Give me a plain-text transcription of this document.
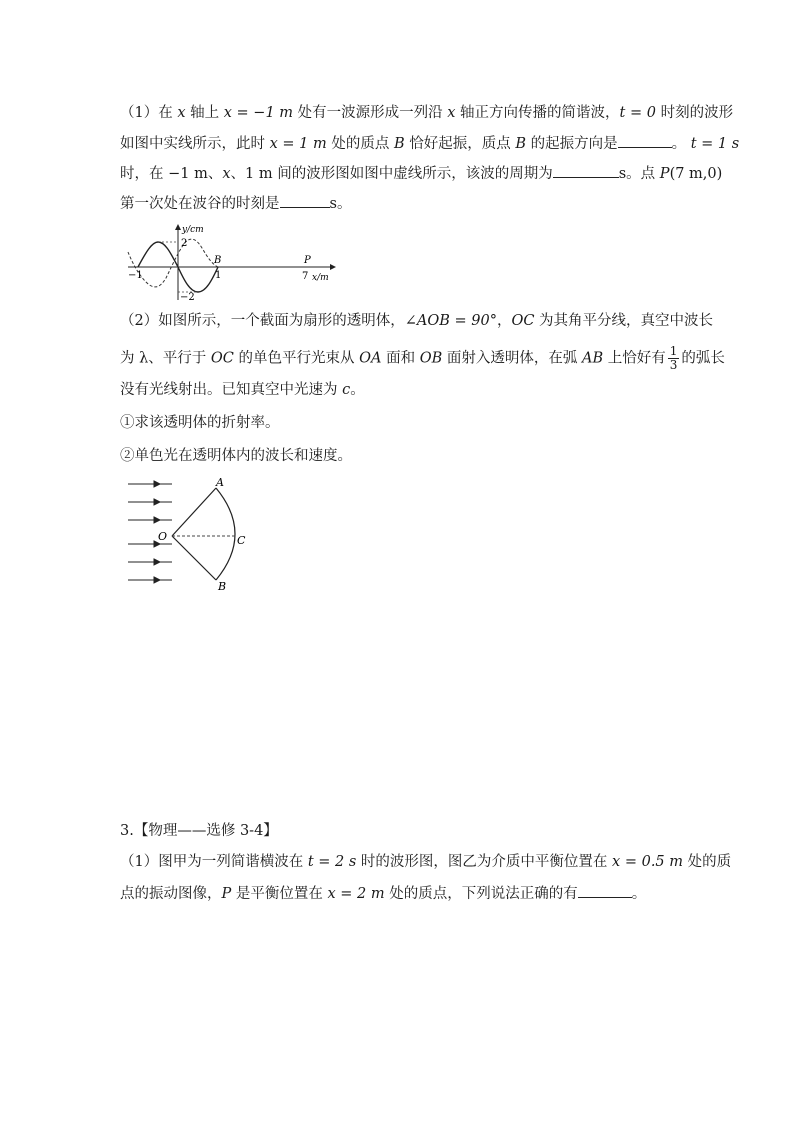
（1）在 x 轴上 x = −1 m 处有一波源形成一列沿 x 轴正方向传播的简谐波，t = 0 时刻的波形
如图中实线所示，此时 x = 1 m 处的质点 B 恰好起振，质点 B 的起振方向是	。 t = 1 s
时，在 −1 m、x、1 m 间的波形图如图中虚线所示，该波的周期为	s。点 P(7 m,0)
第一次处在波谷的时刻是	s。
y/cm
2
−2
−1	1
B	P
7 x/m
（2）如图所示，一个截面为扇形的透明体，∠AOB = 90°，OC 为其角平分线，真空中波长
为 λ、平行于 OC 的单色平行光束从 OA 面和 OB 面射入透明体，在弧 AB 上恰好有 $\frac{1}{3}$ 的弧长
没有光线射出。已知真空中光速为 c。
①求该透明体的折射率。
②单色光在透明体内的波长和速度。
A
O	C
B
3.【物理——选修 3-4】
（1）图甲为一列简谐横波在 t = 2 s 时的波形图，图乙为介质中平衡位置在 x = 0.5 m 处的质
点的振动图像，P 是平衡位置在 x = 2 m 处的质点，下列说法正确的有	。
